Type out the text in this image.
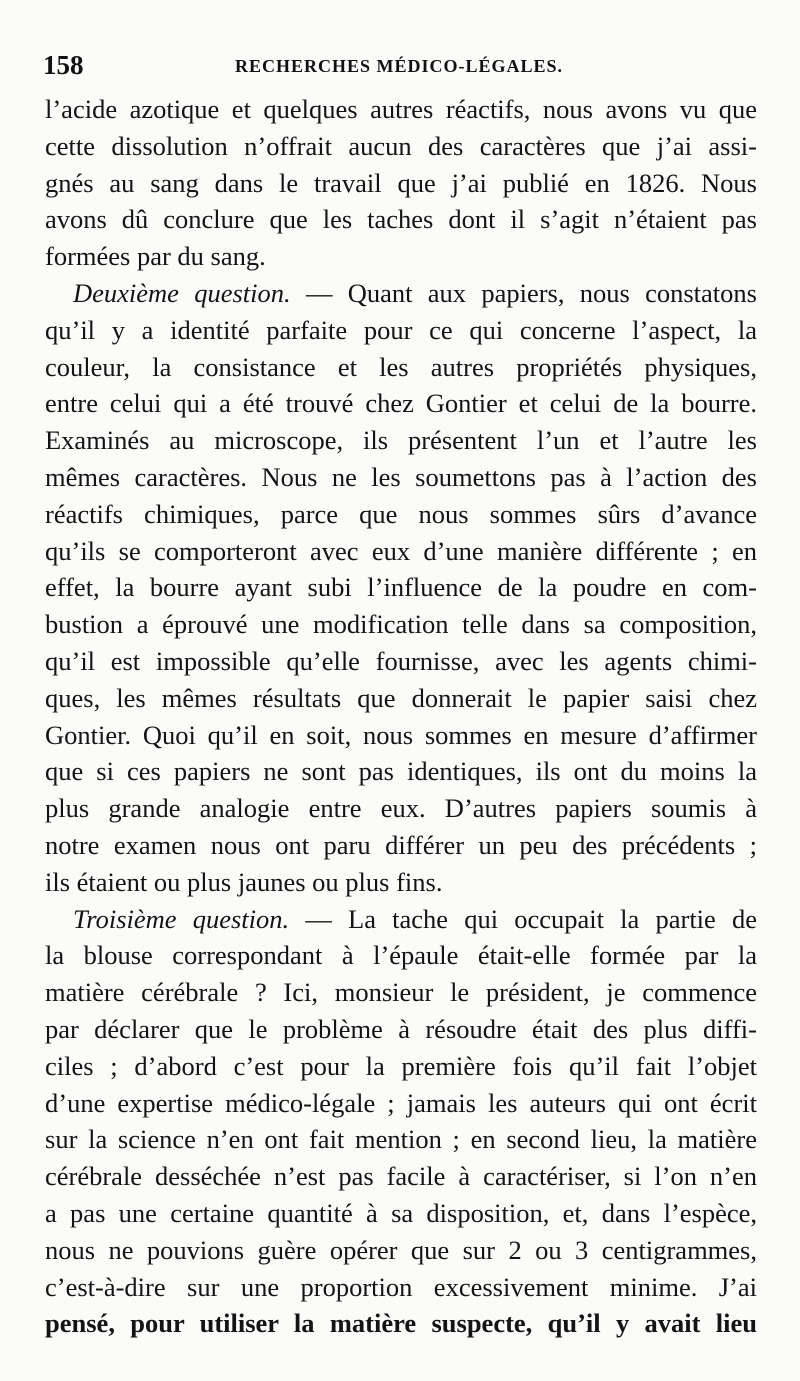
158	RECHERCHES MÉDICO-LÉGALES.
l’acide azotique et quelques autres réactifs, nous avons vu que
cette dissolution n’offrait aucun des caractères que j’ai assi-
gnés au sang dans le travail que j’ai publié en 1826. Nous
avons dû conclure que les taches dont il s’agit n’étaient pas
formées par du sang.
Deuxième question. — Quant aux papiers, nous constatons
qu’il y a identité parfaite pour ce qui concerne l’aspect, la
couleur, la consistance et les autres propriétés physiques,
entre celui qui a été trouvé chez Gontier et celui de la bourre.
Examinés au microscope, ils présentent l’un et l’autre les
mêmes caractères. Nous ne les soumettons pas à l’action des
réactifs chimiques, parce que nous sommes sûrs d’avance
qu’ils se comporteront avec eux d’une manière différente ; en
effet, la bourre ayant subi l’influence de la poudre en com-
bustion a éprouvé une modification telle dans sa composition,
qu’il est impossible qu’elle fournisse, avec les agents chimi-
ques, les mêmes résultats que donnerait le papier saisi chez
Gontier. Quoi qu’il en soit, nous sommes en mesure d’affirmer
que si ces papiers ne sont pas identiques, ils ont du moins la
plus grande analogie entre eux. D’autres papiers soumis à
notre examen nous ont paru différer un peu des précédents ;
ils étaient ou plus jaunes ou plus fins.
Troisième question. — La tache qui occupait la partie de
la blouse correspondant à l’épaule était-elle formée par la
matière cérébrale ? Ici, monsieur le président, je commence
par déclarer que le problème à résoudre était des plus diffi-
ciles ; d’abord c’est pour la première fois qu’il fait l’objet
d’une expertise médico-légale ; jamais les auteurs qui ont écrit
sur la science n’en ont fait mention ; en second lieu, la matière
cérébrale desséchée n’est pas facile à caractériser, si l’on n’en
a pas une certaine quantité à sa disposition, et, dans l’espèce,
nous ne pouvions guère opérer que sur 2 ou 3 centigrammes,
c’est-à-dire sur une proportion excessivement minime. J’ai
pensé, pour utiliser la matière suspecte, qu’il y avait lieu
